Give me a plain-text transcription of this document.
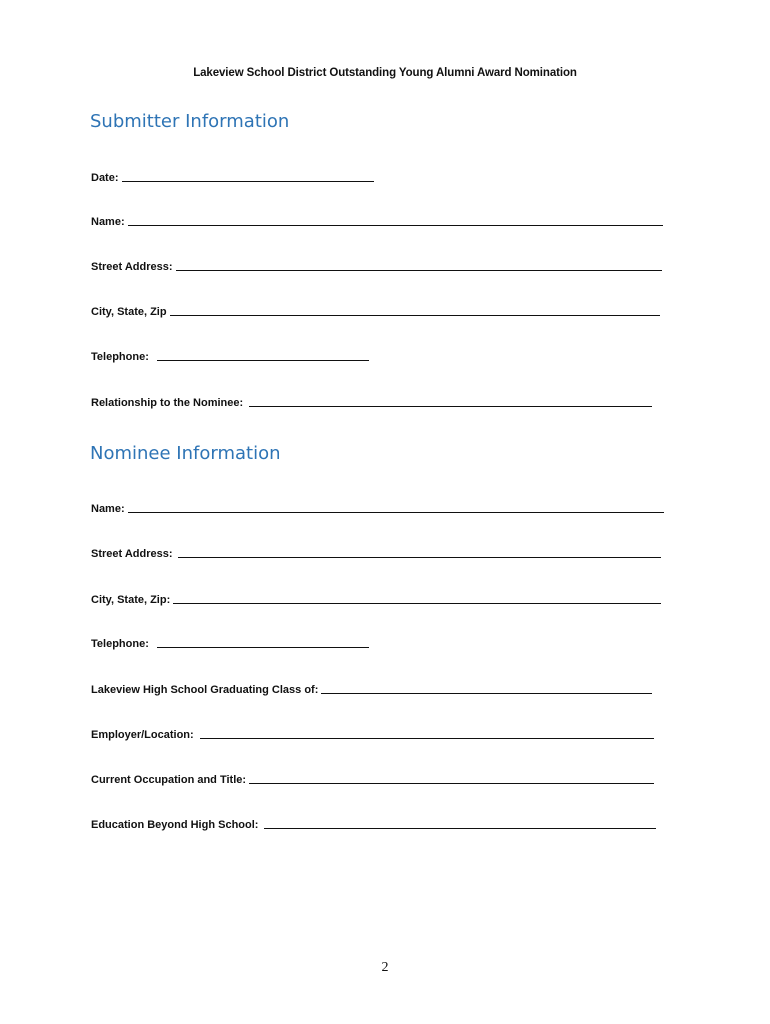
Lakeview School District Outstanding Young Alumni Award Nomination
Submitter Information
Date:
Name:
Street Address:
City, State, Zip
Telephone:
Relationship to the Nominee:
Nominee Information
Name:
Street Address:
City, State, Zip:
Telephone:
Lakeview High School Graduating Class of:
Employer/Location:
Current Occupation and Title:
Education Beyond High School:
2
